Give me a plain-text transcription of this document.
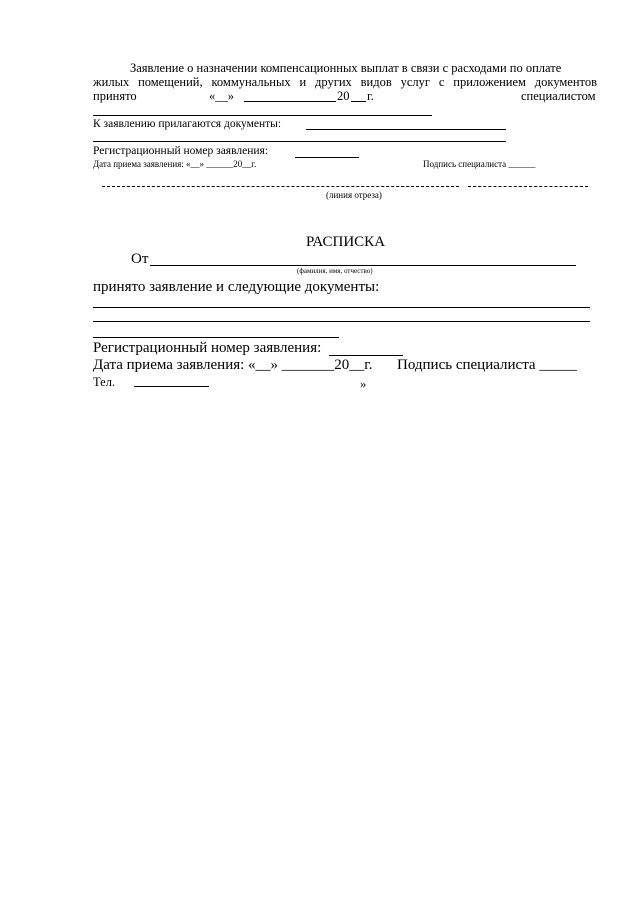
Заявление о назначении компенсационных выплат в связи с расходами по оплате
жилых помещений, коммунальных и других видов услуг с приложением документов
принято	«__»	20 г.	специалистом
К заявлению прилагаются документы:
Регистрационный номер заявления:
Дата приема заявления: «__» ______20__г.	Подпись специалиста ______
(линия отреза)
РАСПИСКА
От
(фамилия, имя, отчество)
принято заявление и следующие документы:
Регистрационный номер заявления:
Дата приема заявления: «__» _______20__г. Подпись специалиста _____
Тел.	»
